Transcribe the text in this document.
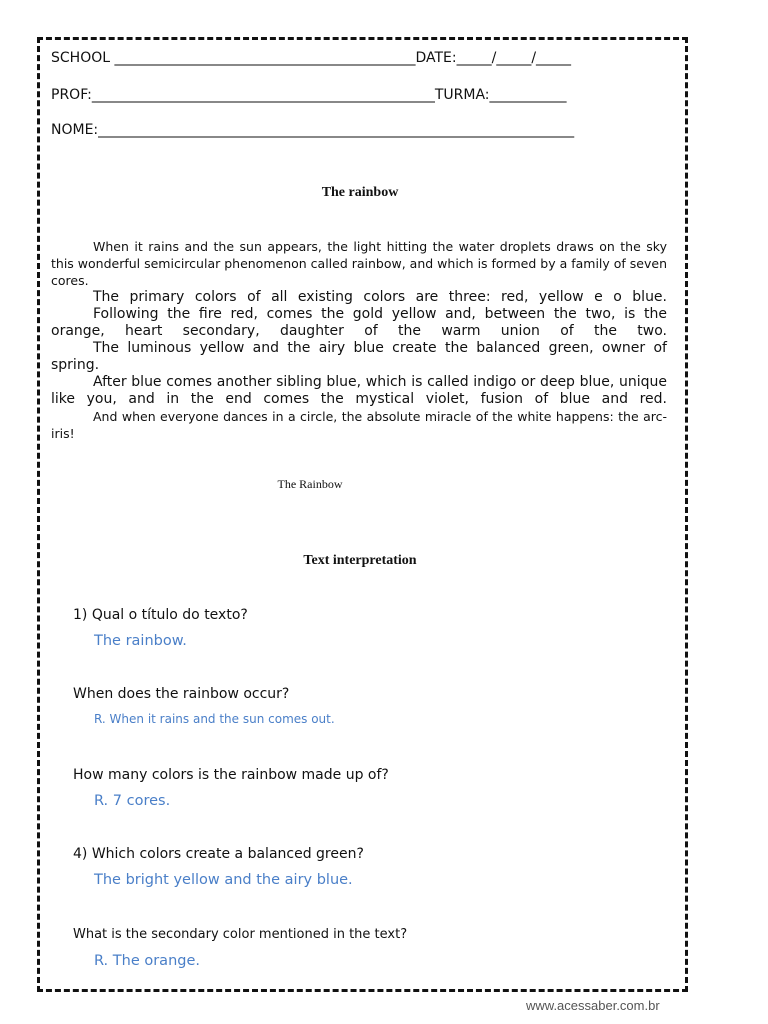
SCHOOL ___________________________________________DATE:_____/_____/_____
PROF:_________________________________________________TURMA:___________
NOME:____________________________________________________________________
The rainbow

When it rains and the sun appears, the light hitting the water droplets draws on the sky this wonderful semicircular phenomenon called rainbow, and which is formed by a family of seven cores.

The primary colors of all existing colors are three: red, yellow e o blue.

Following the fire red, comes the gold yellow and, between the two, is the orange, heart secondary, daughter of the warm union of the two.

The luminous yellow and the airy blue create the balanced green, owner of spring.

After blue comes another sibling blue, which is called indigo or deep blue, unique like you, and in the end comes the mystical violet, fusion of blue and red.

And when everyone dances in a circle, the absolute miracle of the white happens: the arc-iris!

The Rainbow
Text interpretation
1) Qual o título do texto?
The rainbow.
When does the rainbow occur?
R. When it rains and the sun comes out.
How many colors is the rainbow made up of?
R. 7 cores.
4) Which colors create a balanced green?
The bright yellow and the airy blue.
What is the secondary color mentioned in the text?
R. The orange.
www.acessaber.com.br
